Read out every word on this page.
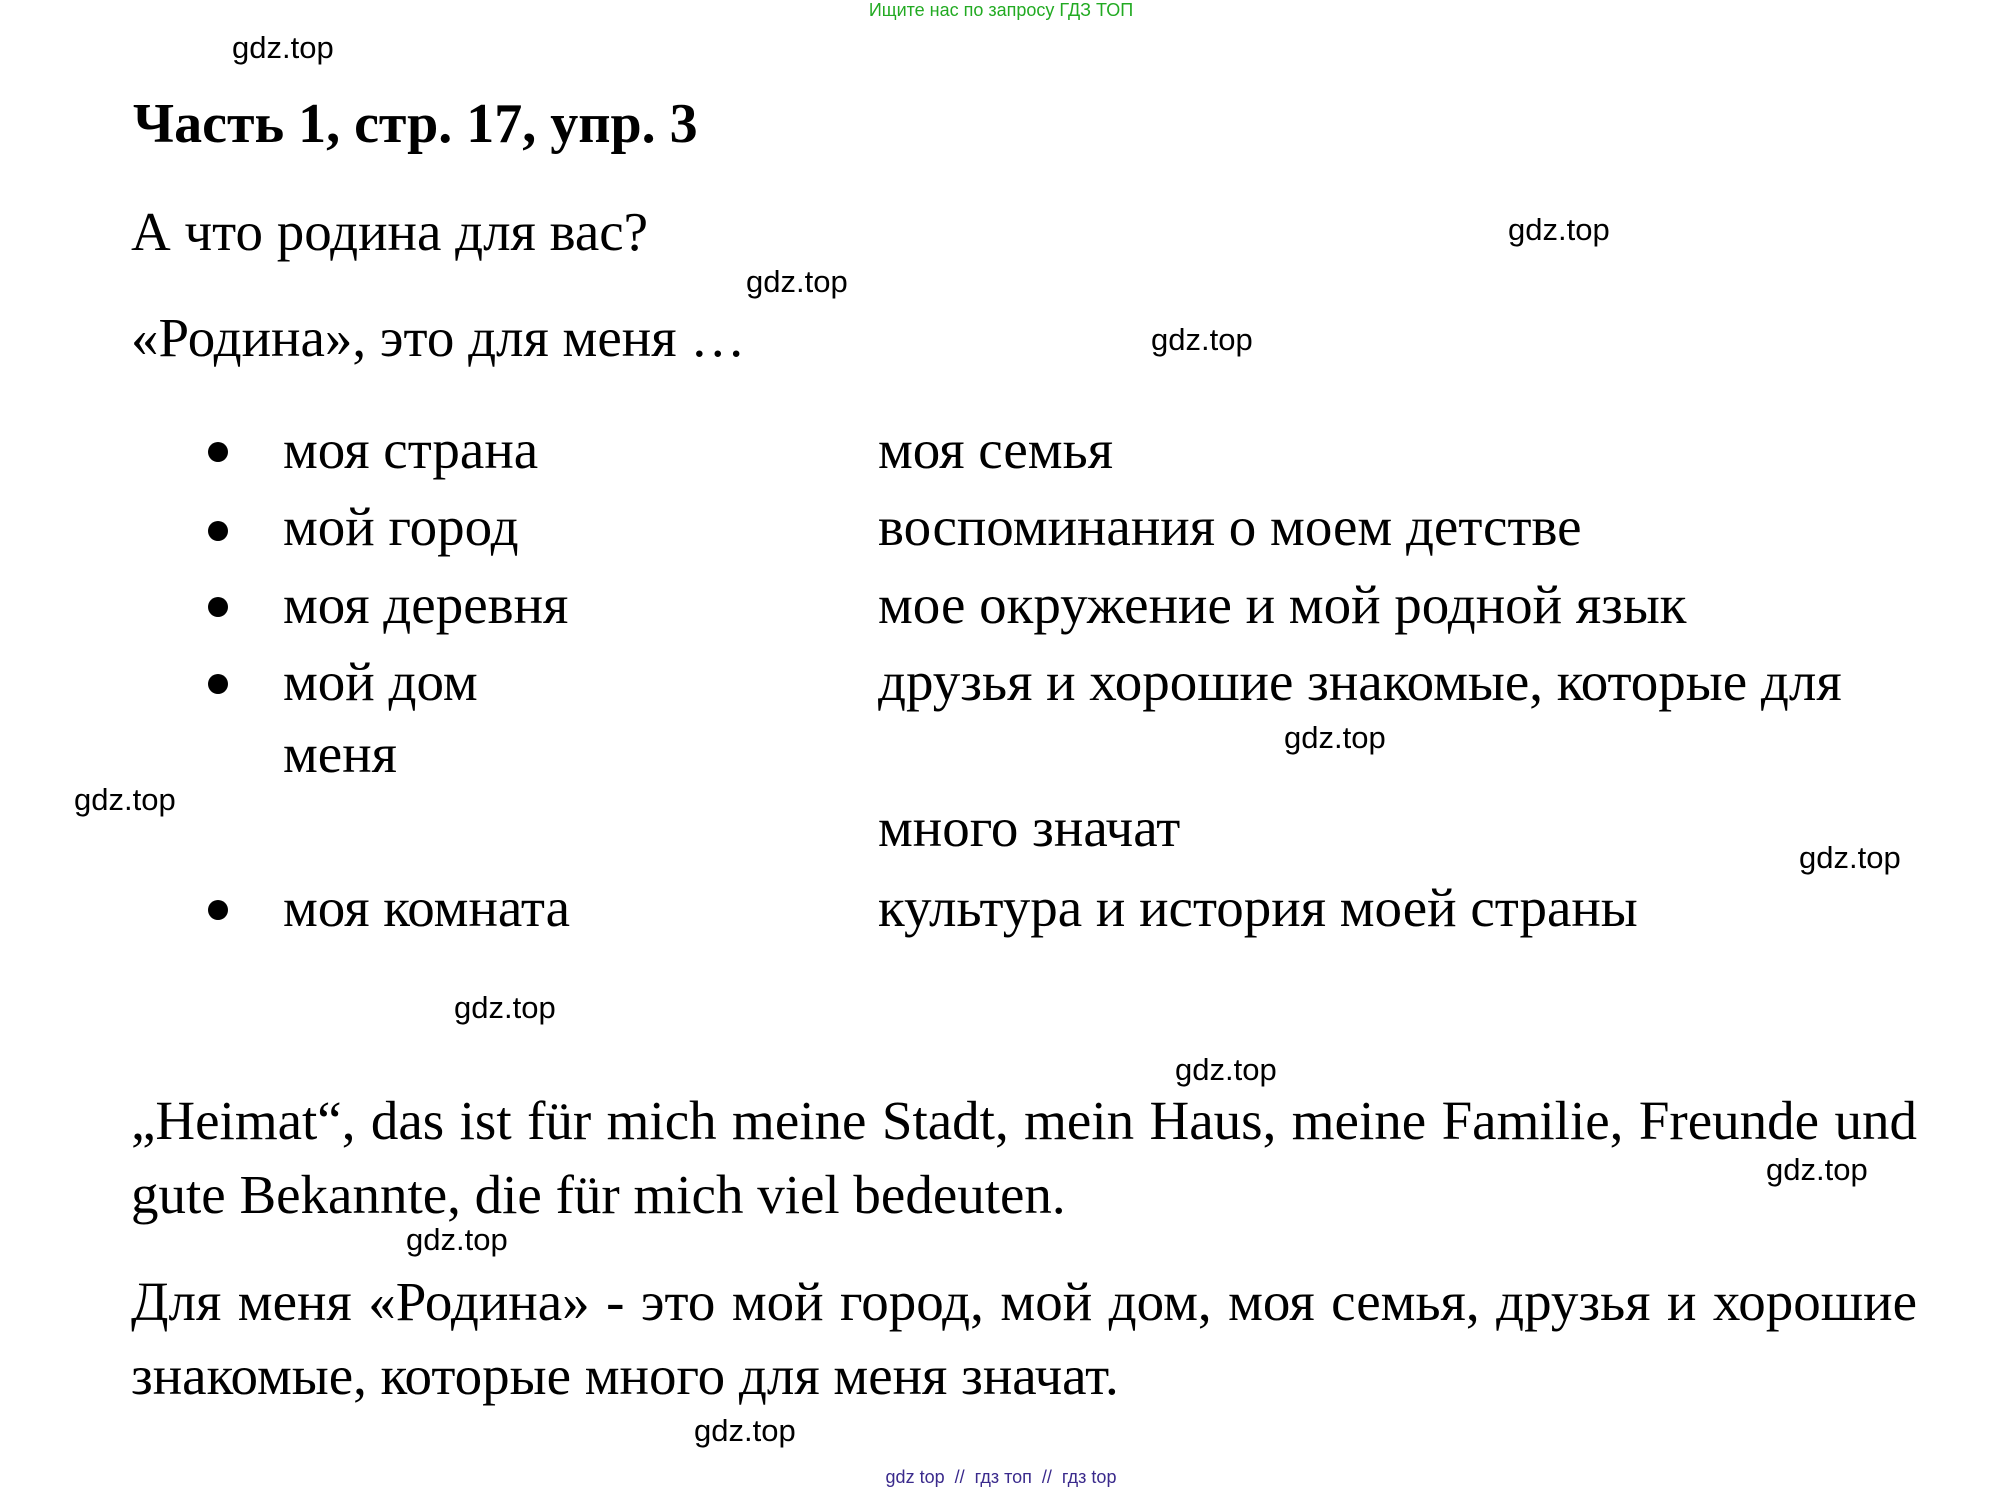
Ищите нас по запросу ГДЗ ТОП
Часть 1, стр. 17, упр. 3
А что родина для вас?
«Родина», это для меня …
моя страна
мой город
моя деревня
мой дом
меня
моя комната
моя семья
воспоминания о моем детстве
мое окружение и мой родной язык
друзья и хорошие знакомые, которые для
много значат
культура и история моей страны
„Heimat“, das ist für mich meine Stadt, mein Haus, meine Familie, Freunde und gute Bekannte, die für mich viel bedeuten.
Для меня «Родина» - это мой город, мой дом, моя семья, друзья и хорошие знакомые, которые много для меня значат.
gdz.top
gdz.top
gdz.top
gdz.top
gdz.top
gdz.top
gdz.top
gdz.top
gdz.top
gdz.top
gdz.top
gdz.top
gdz top  //  гдз топ  //  гдз top
